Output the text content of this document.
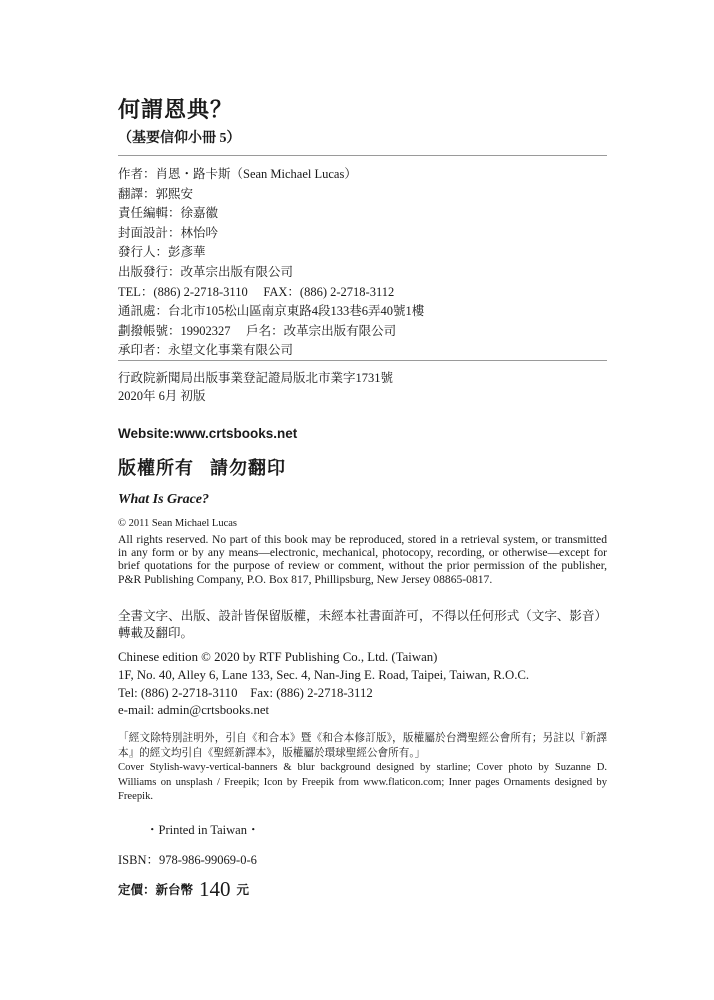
何謂恩典？
（基要信仰小冊 5）
作者：肖恩・路卡斯（Sean Michael Lucas）
翻譯：郭熙安
責任編輯：徐嘉徽
封面設計：林怡吟
發行人：彭彥華
出版發行：改革宗出版有限公司
TEL：(886) 2-2718-3110　 FAX：(886) 2-2718-3112
通訊處：台北市105松山區南京東路4段133巷6弄40號1樓
劃撥帳號：19902327　 戶名：改革宗出版有限公司
承印者：永望文化事業有限公司
行政院新聞局出版事業登記證局版北市業字1731號
2020年 6月 初版
Website:www.crtsbooks.net
版權所有 請勿翻印
What Is Grace?
© 2011 Sean Michael Lucas
All rights reserved. No part of this book may be reproduced, stored in a retrieval system, or transmitted in any form or by any means—electronic, mechanical, photocopy, recording, or otherwise—except for brief quotations for the purpose of review or comment, without the prior permission of the publisher, P&R Publishing Company, P.O. Box 817, Phillipsburg, New Jersey 08865-0817.
全書文字、出版、設計皆保留版權，未經本社書面許可，不得以任何形式（文字、影音）轉載及翻印。
Chinese edition © 2020 by RTF Publishing Co., Ltd. (Taiwan)
1F, No. 40, Alley 6, Lane 133, Sec. 4, Nan-Jing E. Road, Taipei, Taiwan, R.O.C.
Tel: (886) 2-2718-3110　Fax: (886) 2-2718-3112
e-mail: admin@crtsbooks.net
「經文除特別註明外，引自《和合本》暨《和合本修訂版》，版權屬於台灣聖經公會所有；另註以『新譯本』的經文均引自《聖經新譯本》，版權屬於環球聖經公會所有。」
Cover Stylish-wavy-vertical-banners & blur background designed by starline; Cover photo by Suzanne D. Williams on unsplash / Freepik; Icon by Freepik from www.flaticon.com; Inner pages Ornaments designed by Freepik.
・Printed in Taiwan・
ISBN：978-986-99069-0-6
定價：新台幣 140 元
